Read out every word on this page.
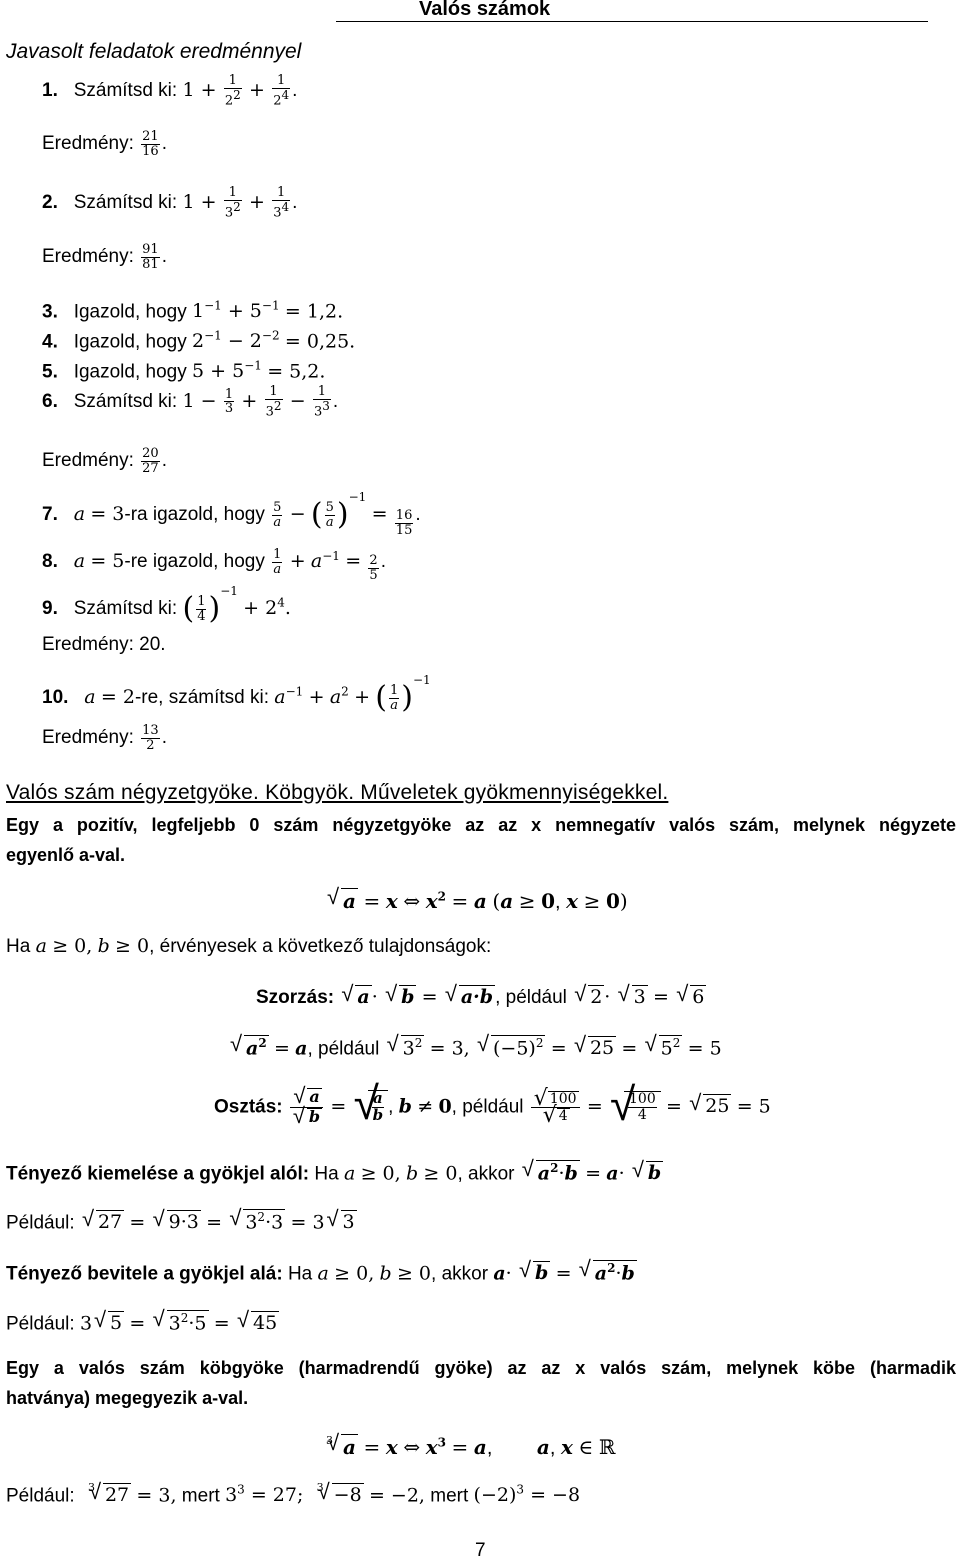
Valós számok
Javasolt feladatok eredménnyel
1. Számítsd ki: $1 + \frac{1}{2^2} + \frac{1}{2^4}$ .
Eredmény: $\frac{21}{16}$ .
2. Számítsd ki: $1 + \frac{1}{3^2} + \frac{1}{3^4}$ .
Eredmény: $\frac{91}{81}$ .
3. Igazold, hogy $1^{-1} + 5^{-1} = 1,2$.
4. Igazold, hogy $2^{-1} - 2^{-2} = 0,25$.
5. Igazold, hogy $5 + 5^{-1} = 5,2$.
6. Számítsd ki: $1 - \frac{1}{3} + \frac{1}{3^2} - \frac{1}{3^3}$ .
Eredmény: $\frac{20}{27}$ .
7. a = 3-ra igazold, hogy $\frac{5}{a}$ − ( $\frac{5}{a} )^{-1} = \frac{16}{15}$ .
8. a = 5-re igazold, hogy $\frac{1}{a} + a^{-1} = \frac{2}{5}$ .
9. Számítsd ki: ( $\frac{1}{4} )^{-1} + 2^4$.
Eredmény: 20.
10. a = 2-re, számítsd ki: $a^{-1} + a^2$ + ( $\frac{1}{a} )^{-1}$
Eredmény: $\frac{13}{2}$ .
Valós szám négyzetgyöke. Köbgyök. Műveletek gyökmennyiségekkel.
Egy a pozitív, legfeljebb 0 szám négyzetgyöke az az x nemnegatív valós szám, melynek négyzete
egyenlő a-val.
√ a = x ⇔ $x^2 = a$ (a ≥ 0, x ≥ 0)
Ha a ≥ 0, b ≥ 0, érvényesek a következő tulajdonságok:
Szorzás: √ a · √ b = √ a·b , például √ 2 · √ 3 = √ 6
√ $a^2 = a$, például √ $3^2 = 3$, √ $(-5)^2$ = √ 25 = √ $5^2 = 5$
Osztás:
√ a
√ b =
√ $\frac{a}{b}$ , b ≠ 0, például
√ 100
√ 4 =
√ $\frac{100}{4}$ = √ 25 = 5
Tényező kiemelése a gyökjel alól: Ha a ≥ 0, b ≥ 0, akkor √ $a^2\cdot b = a\cdot$ √ b
Például: √ 27 = √ 9·3 = √ $3^2\cdot 3 = 3√$ 3
Tényező bevitele a gyökjel alá: Ha a ≥ 0, b ≥ 0, akkor a· √ b = √ $a^2\cdot b$
Például: 3√ 5 = √ $3^2\cdot 5$ = √ 45
Egy a valós szám köbgyöke (harmadrendű gyöke) az az x valós szám, melynek köbe (harmadik
hatványa) megegyezik a-val.
$^3$√ a = x ⇔ $x^3 = a$,        a, x ∈ ℝ
Például: $^3$√ 27 = 3, mert $3^3 = 27$; $^3$√ −8 = −2, mert $(-2)^3 = -8$
7
